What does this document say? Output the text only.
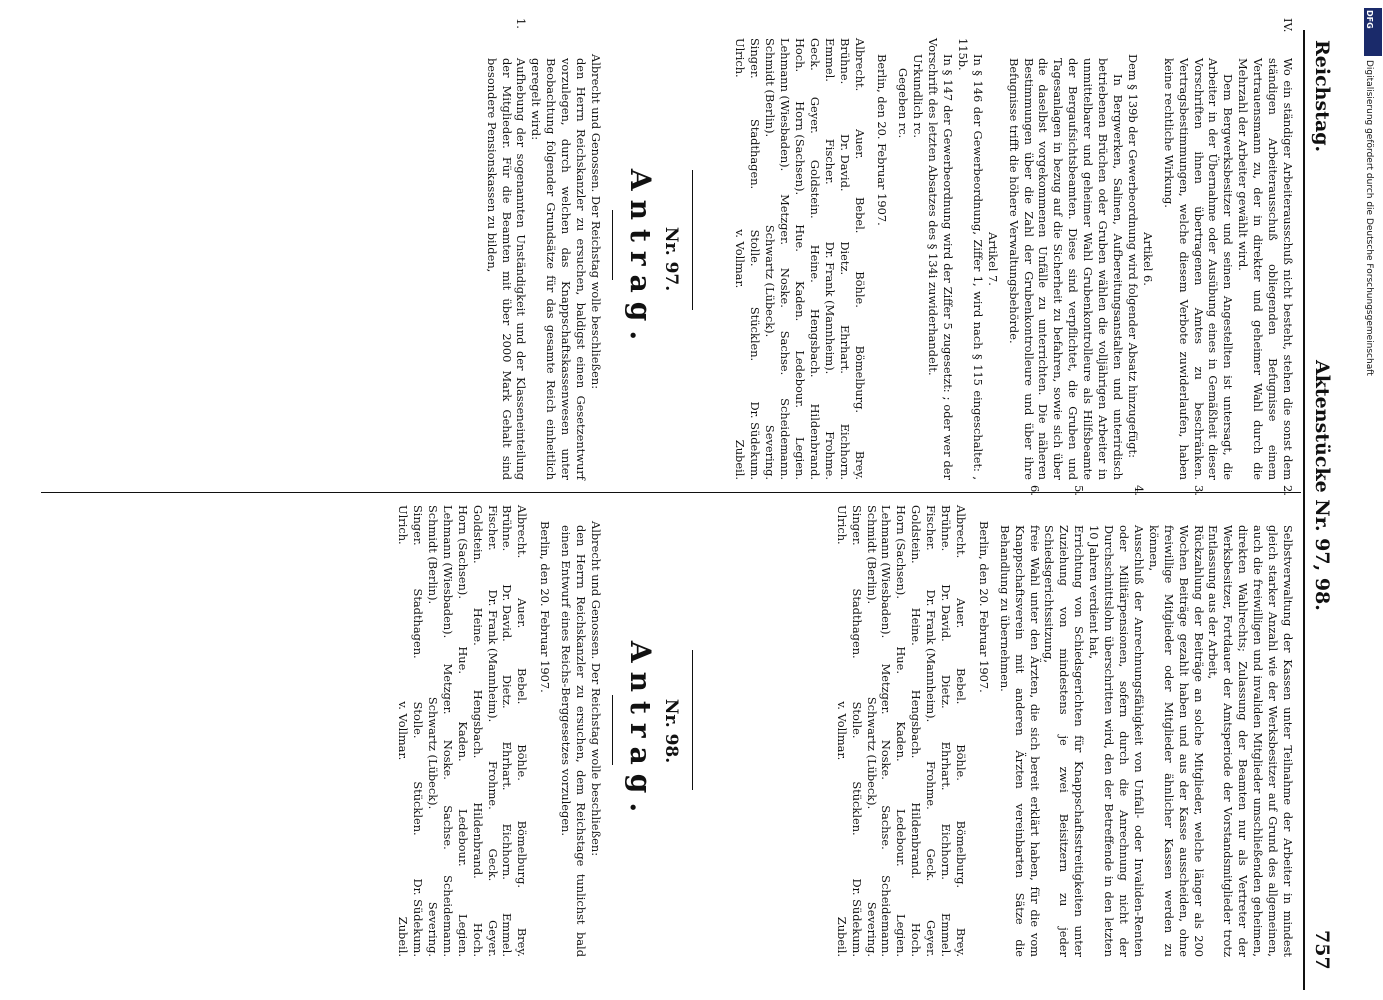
Reichstag.
Aktenstücke Nr. 97, 98.
757

IV.Wo ein ständiger Arbeiterausschuß nicht besteht, stehen die sonst dem ständigen Arbeiterausschuß obliegenden Befugnisse einem Vertrauensmann zu, der in direkter und geheimer Wahl durch die Mehrzahl der Arbeiter gewählt wird.

Dem Bergwerksbesitzer und seinen Angestellten ist untersagt, die Arbeiter in der Übernahme oder Ausübung eines in Gemäßheit dieser Vorschriften ihnen übertragenen Amtes zu beschränken. Vertragsbestimmungen, welche diesem Verbote zuwiderlaufen, haben keine rechtliche Wirkung.

Artikel 6.

Dem § 139b der Gewerbeordnung wird folgender Absatz hinzugefügt:

In Bergwerken, Salinen, Aufbereitungsanstalten und unterirdisch betriebenen Brüchen oder Gruben wählen die volljährigen Arbeiter in unmittelbarer und geheimer Wahl Grubenkontrolleure als Hilfsbeamte der Bergaufsichtsbeamten. Diese sind verpflichtet, die Gruben und Tagesanlagen in bezug auf die Sicherheit zu befahren, sowie sich über die daselbst vorgekommenen Unfälle zu unterrichten. Die näheren Bestimmungen über die Zahl der Grubenkontrolleure und über ihre Befugnisse trifft die höhere Verwaltungsbehörde.

Artikel 7.

In § 146 der Gewerbeordnung, Ziffer 1, wird nach § 115 eingeschaltet: , 115b.

In § 147 der Gewerbeordnung wird der Ziffer 5 zugesetzt: ; oder wer der Vorschrift des letzten Absatzes des § 134i zuwiderhandelt.

Urkundlich rc.

Gegeben rc.

Berlin, den 20. Februar 1907.

Albrecht.
Auer.
Bebel.
Böhle.
Bömelburg.
Brey.
Brühne.
Dr. David.
Dietz.
Ehrhart.
Eichhorn.
Emmel.
Fischer.
Dr. Frank (Mannheim).
Frohme.
Geck.
Geyer.
Goldstein.
Heine.
Hengsbach.
Hildenbrand.
Hoch.
Horn (Sachsen).
Hue.
Kaden.
Ledebour.
Legien.
Lehmann (Wiesbaden).
Metzger.
Noske.
Sachse.
Scheidemann.
Schmidt (Berlin).
Schwartz (Lübeck).
Severing.
Singer.
Stadthagen.
Stolle.
Stücklen.
Dr. Südekum.
Ulrich.
v. Vollmar.
Zubeil.
Nr. 97.
Antrag.

Albrecht und Genossen. Der Reichstag wolle beschließen:

den Herrn Reichskanzler zu ersuchen, baldigst einen Gesetzentwurf vorzulegen, durch welchen das Knappschaftskassenwesen unter Beobachtung folgender Grundsätze für das gesamte Reich einheitlich geregelt wird:

1.Aufhebung der sogenannten Unständigkeit und der Klasseneinteilung der Mitglieder. Für die Beamten mit über 2000 Mark Gehalt sind besondere Pensionskassen zu bilden,

2.Selbstverwaltung der Kassen unter Teilnahme der Arbeiter in mindest gleich starker Anzahl wie der Werksbesitzer auf Grund des allgemeinen, auch die freiwilligen und invaliden Mitglieder umschließenden geheimen, direkten Wahlrechts; Zulassung der Beamten nur als Vertreter der Werksbesitzer, Fortdauer der Amtsperiode der Vorstandsmitglieder trotz Entlassung aus der Arbeit,

3.Rückzahlung der Beiträge an solche Mitglieder, welche länger als 200 Wochen Beiträge gezahlt haben und aus der Kasse ausscheiden, ohne freiwillige Mitglieder oder Mitglieder ähnlicher Kassen werden zu können,

4.Ausschluß der Anrechnungsfähigkeit von Unfall- oder Invaliden-Renten oder Militärpensionen, sofern durch die Anrechnung nicht der Durchschnittslohn überschritten wird, den der Betreffende in den letzten 10 Jahren verdient hat,

5.Errichtung von Schiedsgerichten für Knappschaftsstreitigkeiten unter Zuziehung von mindestens je zwei Beisitzern zu jeder Schiedsgerichtssitzung,

6.freie Wahl unter den Ärzten, die sich bereit erklärt haben, für die vom Knappschaftsverein mit anderen Ärzten vereinbarten Sätze die Behandlung zu übernehmen.

Berlin, den 20. Februar 1907.

Albrecht.
Auer.
Bebel.
Böhle.
Bömelburg.
Brey.
Brühne.
Dr. David.
Dietz.
Ehrhart.
Eichhorn.
Emmel.
Fischer.
Dr. Frank (Mannheim).
Frohme.
Geck.
Geyer.
Goldstein.
Heine.
Hengsbach.
Hildenbrand.
Hoch.
Horn (Sachsen).
Hue.
Kaden.
Ledebour.
Legien.
Lehmann (Wiesbaden).
Metzger.
Noske.
Sachse.
Scheidemann.
Schmidt (Berlin).
Schwartz (Lübeck).
Severing.
Singer.
Stadthagen.
Stolle.
Stücklen.
Dr. Südekum.
Ulrich.
v. Vollmar.
Zubeil.
Nr. 98.
Antrag.

Albrecht und Genossen. Der Reichstag wolle beschließen:

den Herrn Reichskanzler zu ersuchen, dem Reichstage tunlichst bald einen Entwurf eines Reichs-Berggesetzes vorzulegen.

Berlin, den 20. Februar 1907.

Albrecht.
Auer.
Bebel.
Böhle.
Bömelburg.
Brey.
Brühne.
Dr. David.
Dietz.
Ehrhart.
Eichhorn.
Emmel.
Fischer.
Dr. Frank (Mannheim).
Frohme.
Geck.
Geyer.
Goldstein.
Heine.
Hengsbach.
Hildenbrand.
Hoch.
Horn (Sachsen).
Hue.
Kaden.
Ledebour.
Legien.
Lehmann (Wiesbaden).
Metzger.
Noske.
Sachse.
Scheidemann.
Schmidt (Berlin).
Schwartz (Lübeck).
Severing.
Singer.
Stadthagen.
Stolle.
Stücklen.
Dr. Südekum.
Ulrich.
v. Vollmar.
Zubeil.
DFG
Digitalisierung gefördert durch die Deutsche Forschungsgemeinschaft
